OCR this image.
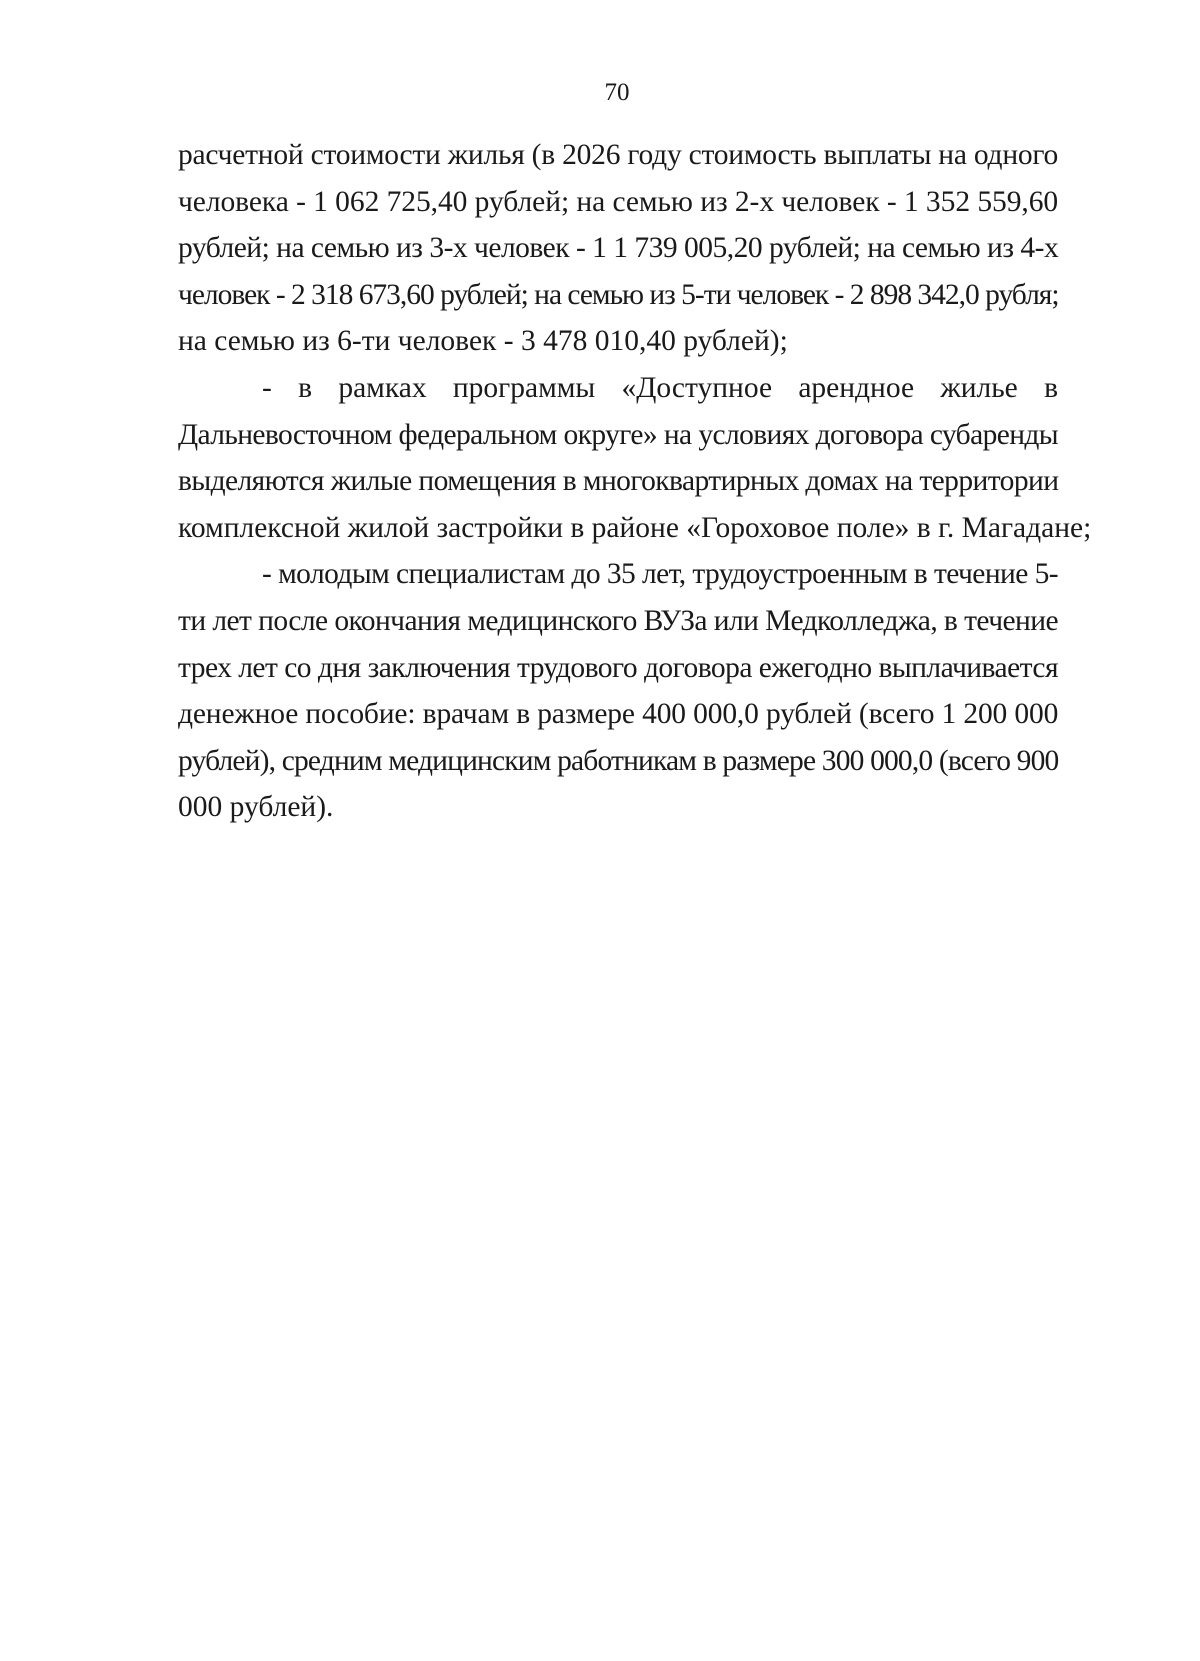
70
расчетной стоимости жилья (в 2026 году стоимость выплаты на одного
человека - 1 062 725,40 рублей; на семью из 2-х человек - 1 352 559,60
рублей; на семью из 3-х человек - 1 1 739 005,20 рублей; на семью из 4-х
человек - 2 318 673,60 рублей; на семью из 5-ти человек - 2 898 342,0 рубля;
на семью из 6-ти человек - 3 478 010,40 рублей);
- в рамках программы «Доступное арендное жилье в
Дальневосточном федеральном округе» на условиях договора субаренды
выделяются жилые помещения в многоквартирных домах на территории
комплексной жилой застройки в районе «Гороховое поле» в г. Магадане;
- молодым специалистам до 35 лет, трудоустроенным в течение 5-
ти лет после окончания медицинского ВУЗа или Медколледжа, в течение
трех лет со дня заключения трудового договора ежегодно выплачивается
денежное пособие: врачам в размере 400 000,0 рублей (всего 1 200 000
рублей), средним медицинским работникам в размере 300 000,0 (всего 900
000 рублей).
